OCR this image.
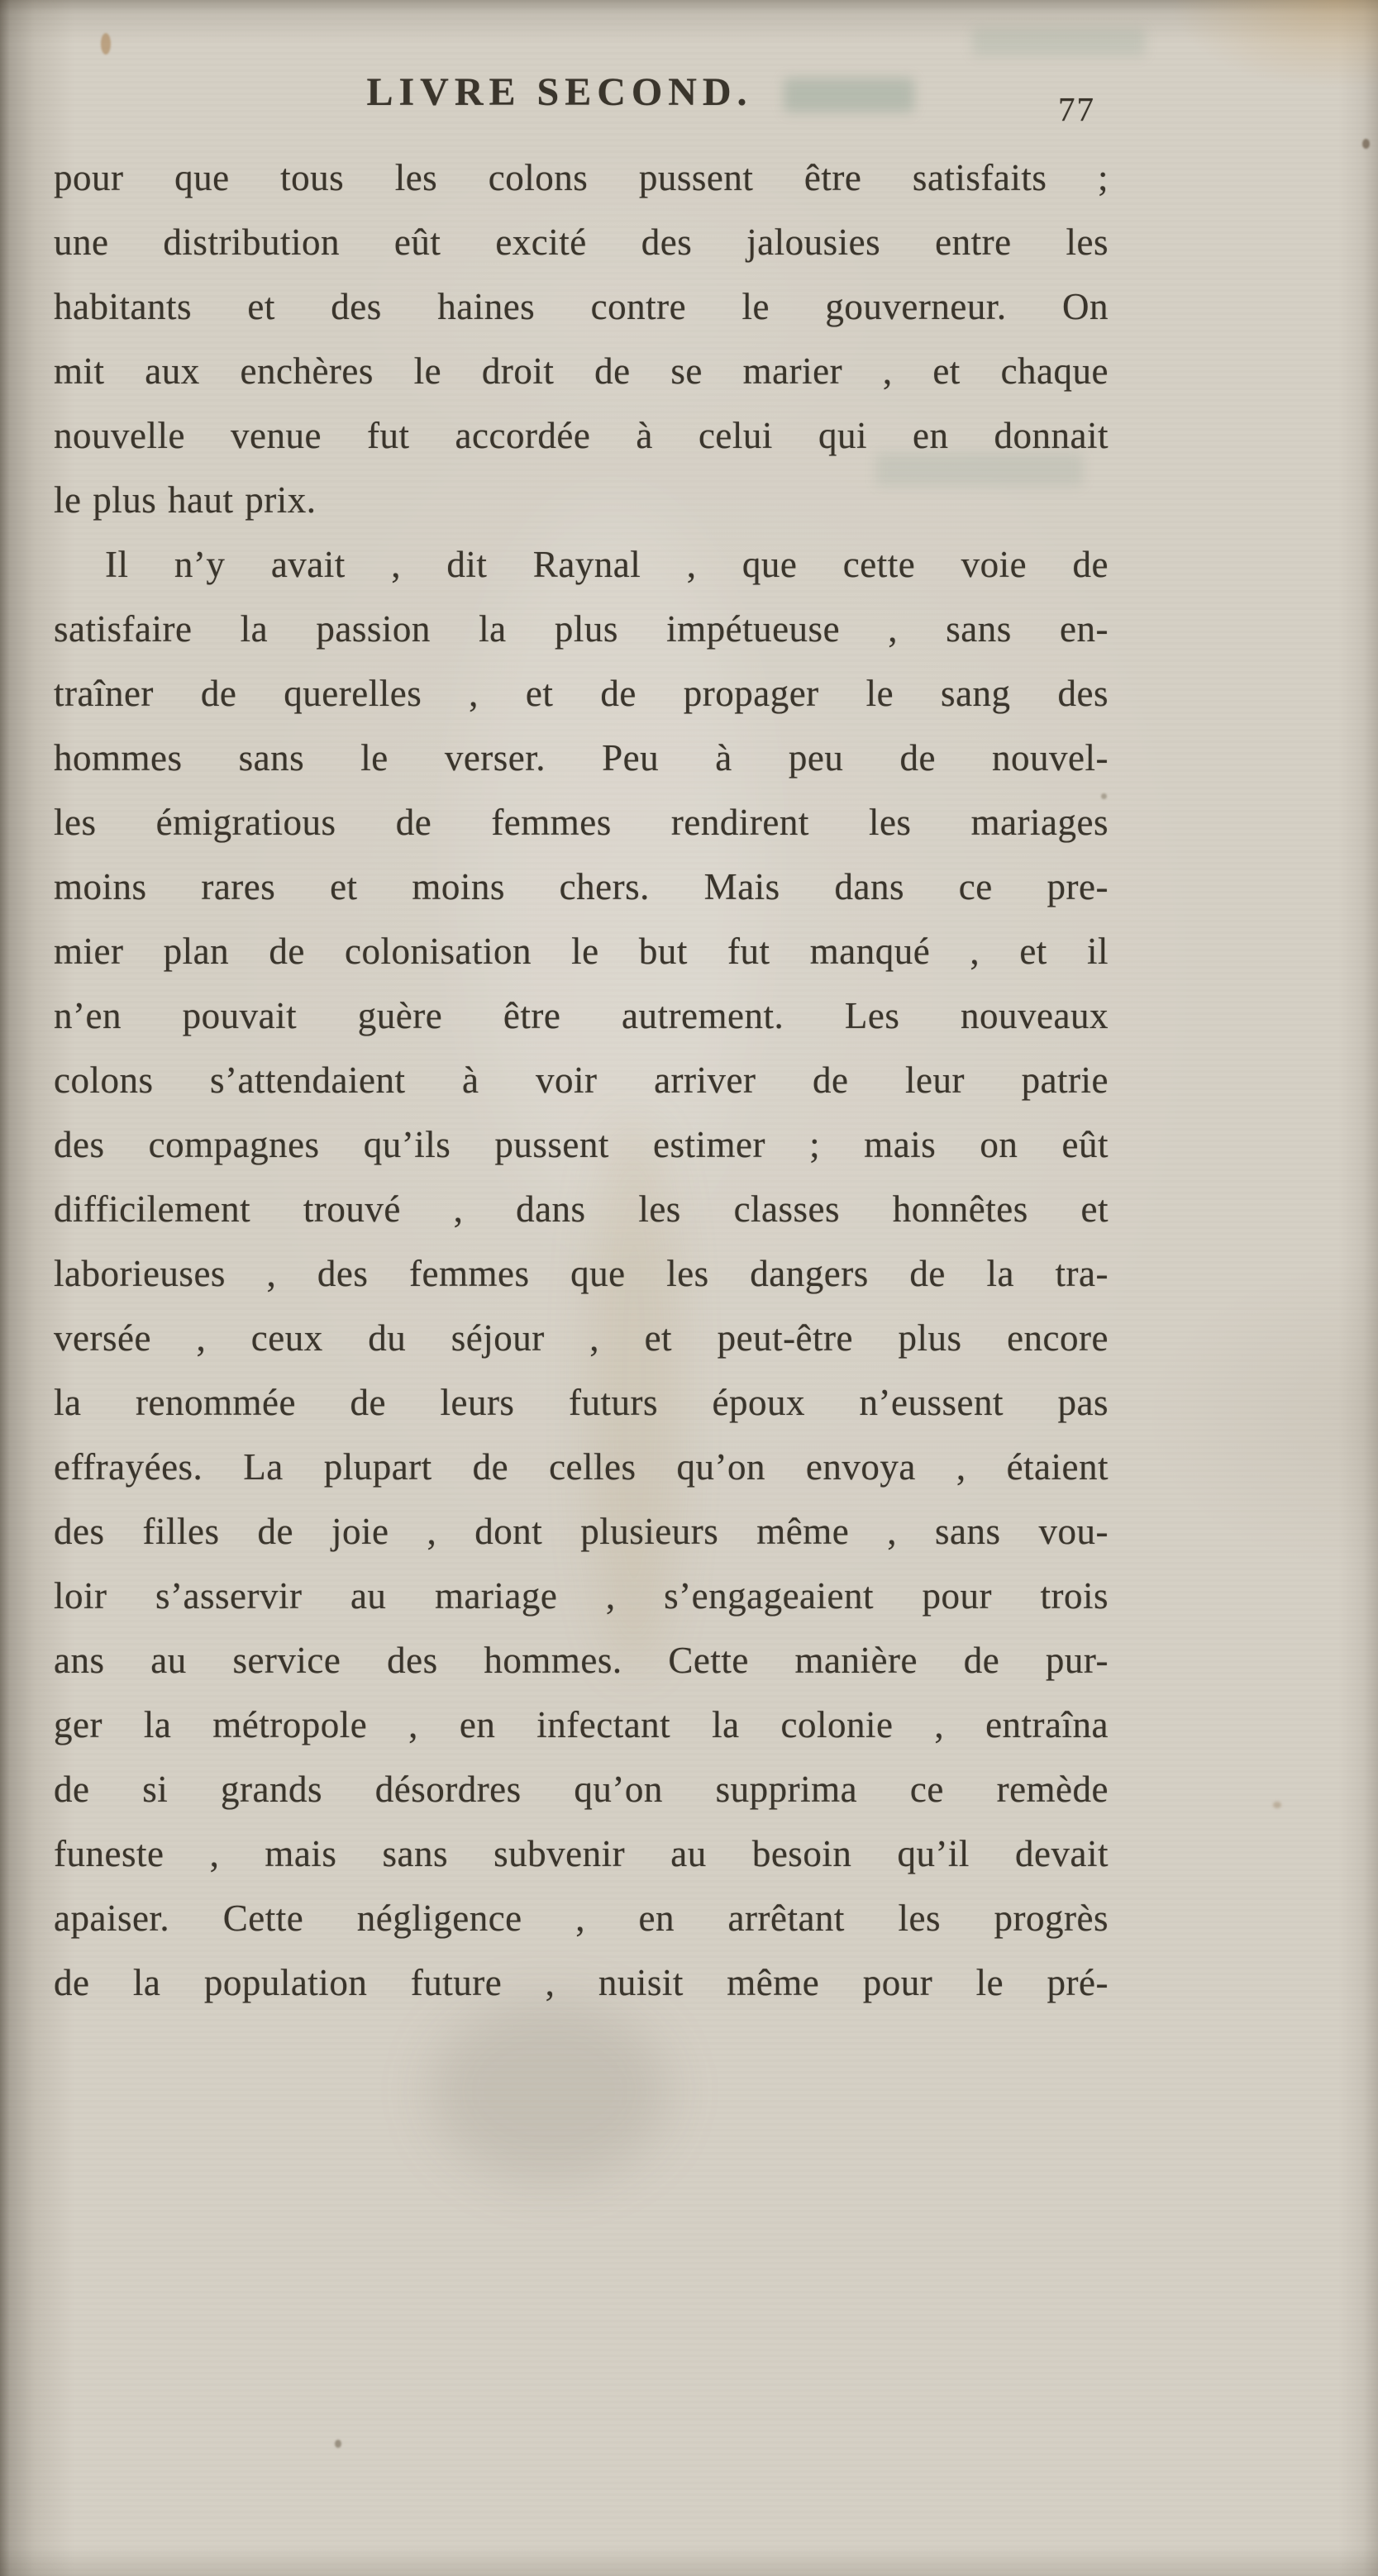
LIVRE SECOND.	77
pour que tous les colons pussent être satisfaits ;
une distribution eût excité des jalousies entre les
habitants et des haines contre le gouverneur. On
mit aux enchères le droit de se marier , et chaque
nouvelle venue fut accordée à celui qui en donnait
le plus haut prix.
Il n’y avait , dit Raynal , que cette voie de
satisfaire la passion la plus impétueuse , sans en-
traîner de querelles , et de propager le sang des
hommes sans le verser. Peu à peu de nouvel-
les émigratious de femmes rendirent les mariages
moins rares et moins chers. Mais dans ce pre-
mier plan de colonisation le but fut manqué , et il
n’en pouvait guère être autrement. Les nouveaux
colons s’attendaient à voir arriver de leur patrie
des compagnes qu’ils pussent estimer ; mais on eût
difficilement trouvé , dans les classes honnêtes et
laborieuses , des femmes que les dangers de la tra-
versée , ceux du séjour , et peut-être plus encore
la renommée de leurs futurs époux n’eussent pas
effrayées. La plupart de celles qu’on envoya , étaient
des filles de joie , dont plusieurs même , sans vou-
loir s’asservir au mariage , s’engageaient pour trois
ans au service des hommes. Cette manière de pur-
ger la métropole , en infectant la colonie , entraîna
de si grands désordres qu’on supprima ce remède
funeste , mais sans subvenir au besoin qu’il devait
apaiser. Cette négligence , en arrêtant les progrès
de la population future , nuisit même pour le pré-
